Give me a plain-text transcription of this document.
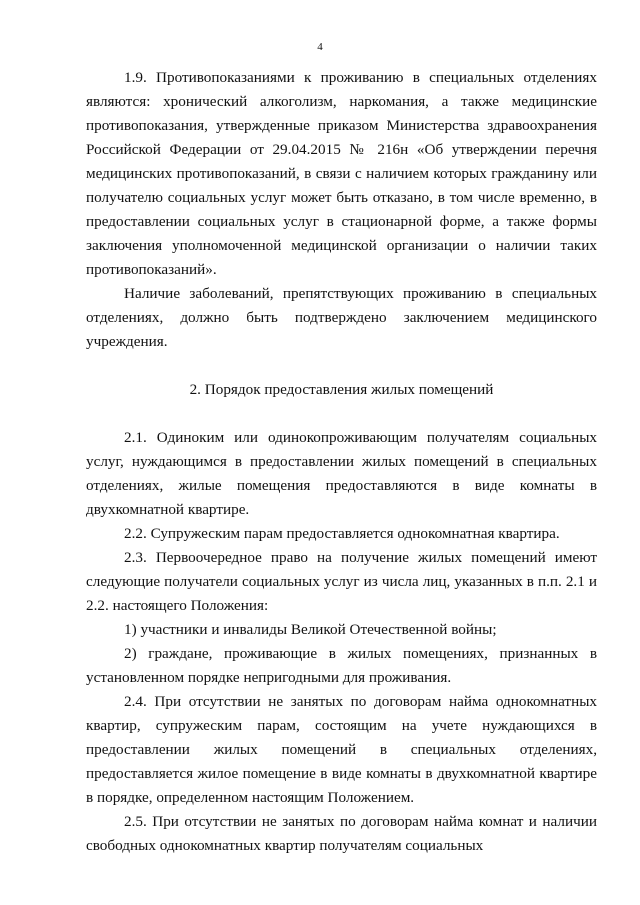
4

1.9. Противопоказаниями к проживанию в специальных отделениях являются: хронический алкоголизм, наркомания, а также медицинские противопоказания, утвержденные приказом Министерства здравоохранения Российской Федерации от 29.04.2015 № 216н «Об утверждении перечня медицинских противопоказаний, в связи с наличием которых гражданину или получателю социальных услуг может быть отказано, в том числе временно, в предоставлении социальных услуг в стационарной форме, а также формы заключения уполномоченной медицинской организации о наличии таких противопоказаний».

Наличие заболеваний, препятствующих проживанию в специальных отделениях, должно быть подтверждено заключением медицинского учреждения.

2. Порядок предоставления жилых помещений

2.1. Одиноким или одинокопроживающим получателям социальных услуг, нуждающимся в предоставлении жилых помещений в специальных отделениях, жилые помещения предоставляются в виде комнаты в двухкомнатной квартире.

2.2. Супружеским парам предоставляется однокомнатная квартира.

2.3. Первоочередное право на получение жилых помещений имеют следующие получатели социальных услуг из числа лиц, указанных в п.п. 2.1 и 2.2. настоящего Положения:

1) участники и инвалиды Великой Отечественной войны;

2) граждане, проживающие в жилых помещениях, признанных в установленном порядке непригодными для проживания.

2.4. При отсутствии не занятых по договорам найма однокомнатных квартир, супружеским парам, состоящим на учете нуждающихся в предоставлении жилых помещений в специальных отделениях, предоставляется жилое помещение в виде комнаты в двухкомнатной квартире в порядке, определенном настоящим Положением.

2.5. При отсутствии не занятых по договорам найма комнат и наличии свободных однокомнатных квартир получателям социальных
